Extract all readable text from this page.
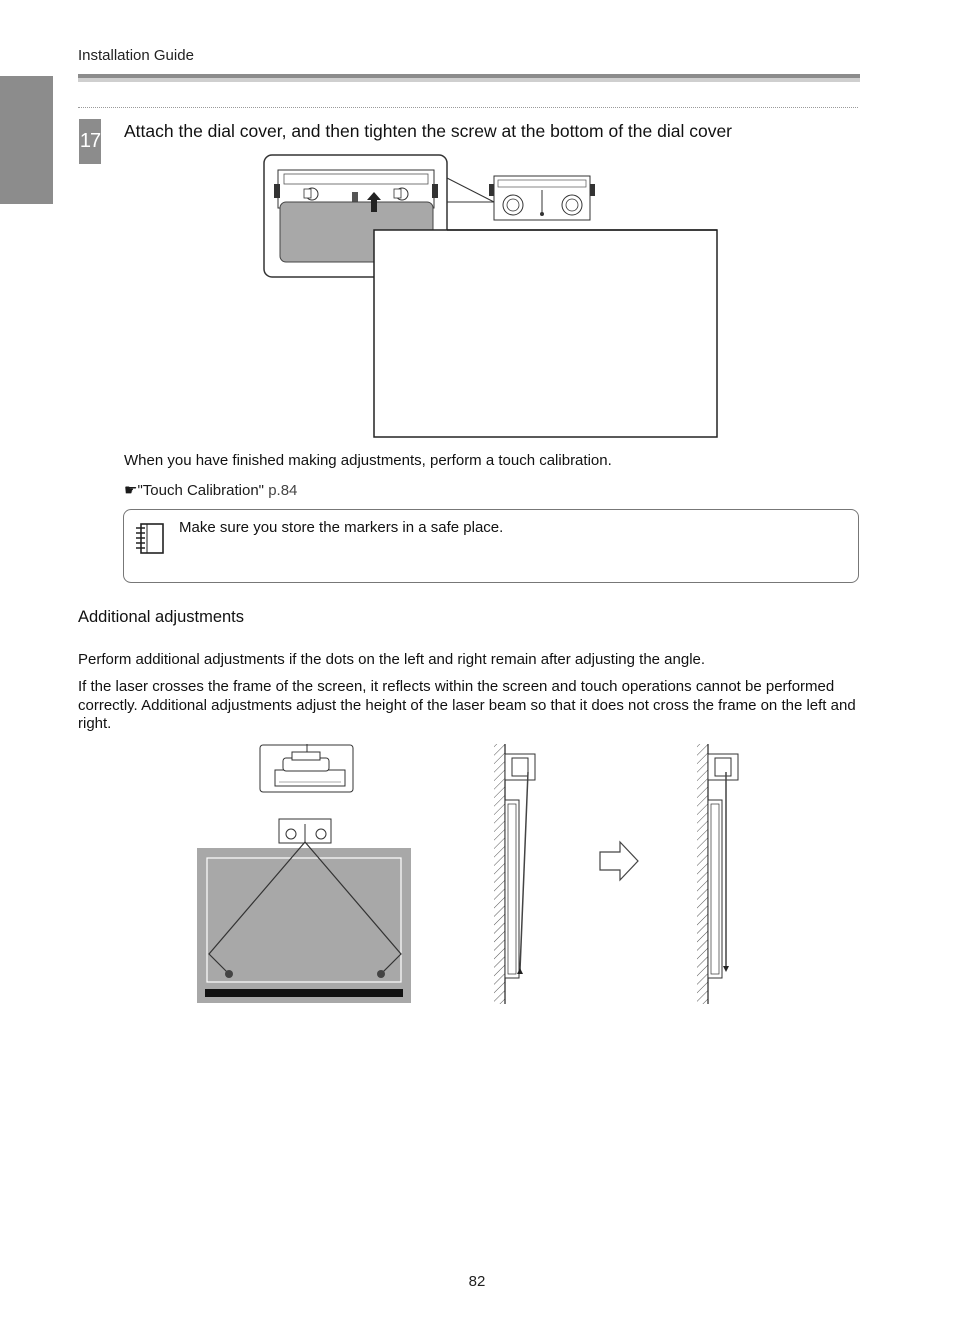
Installation Guide
17 Attach the dial cover, and then tighten the screw at the bottom of the dial cover
When you have finished making adjustments, perform a touch calibration.
☛"Touch Calibration" p.84
Make sure you store the markers in a safe place.
Additional adjustments
Perform additional adjustments if the dots on the left and right remain after adjusting the angle.
If the laser crosses the frame of the screen, it reflects within the screen and touch operations cannot be performed correctly. Additional adjustments adjust the height of the laser beam so that it does not cross the frame on the left and right.
82
